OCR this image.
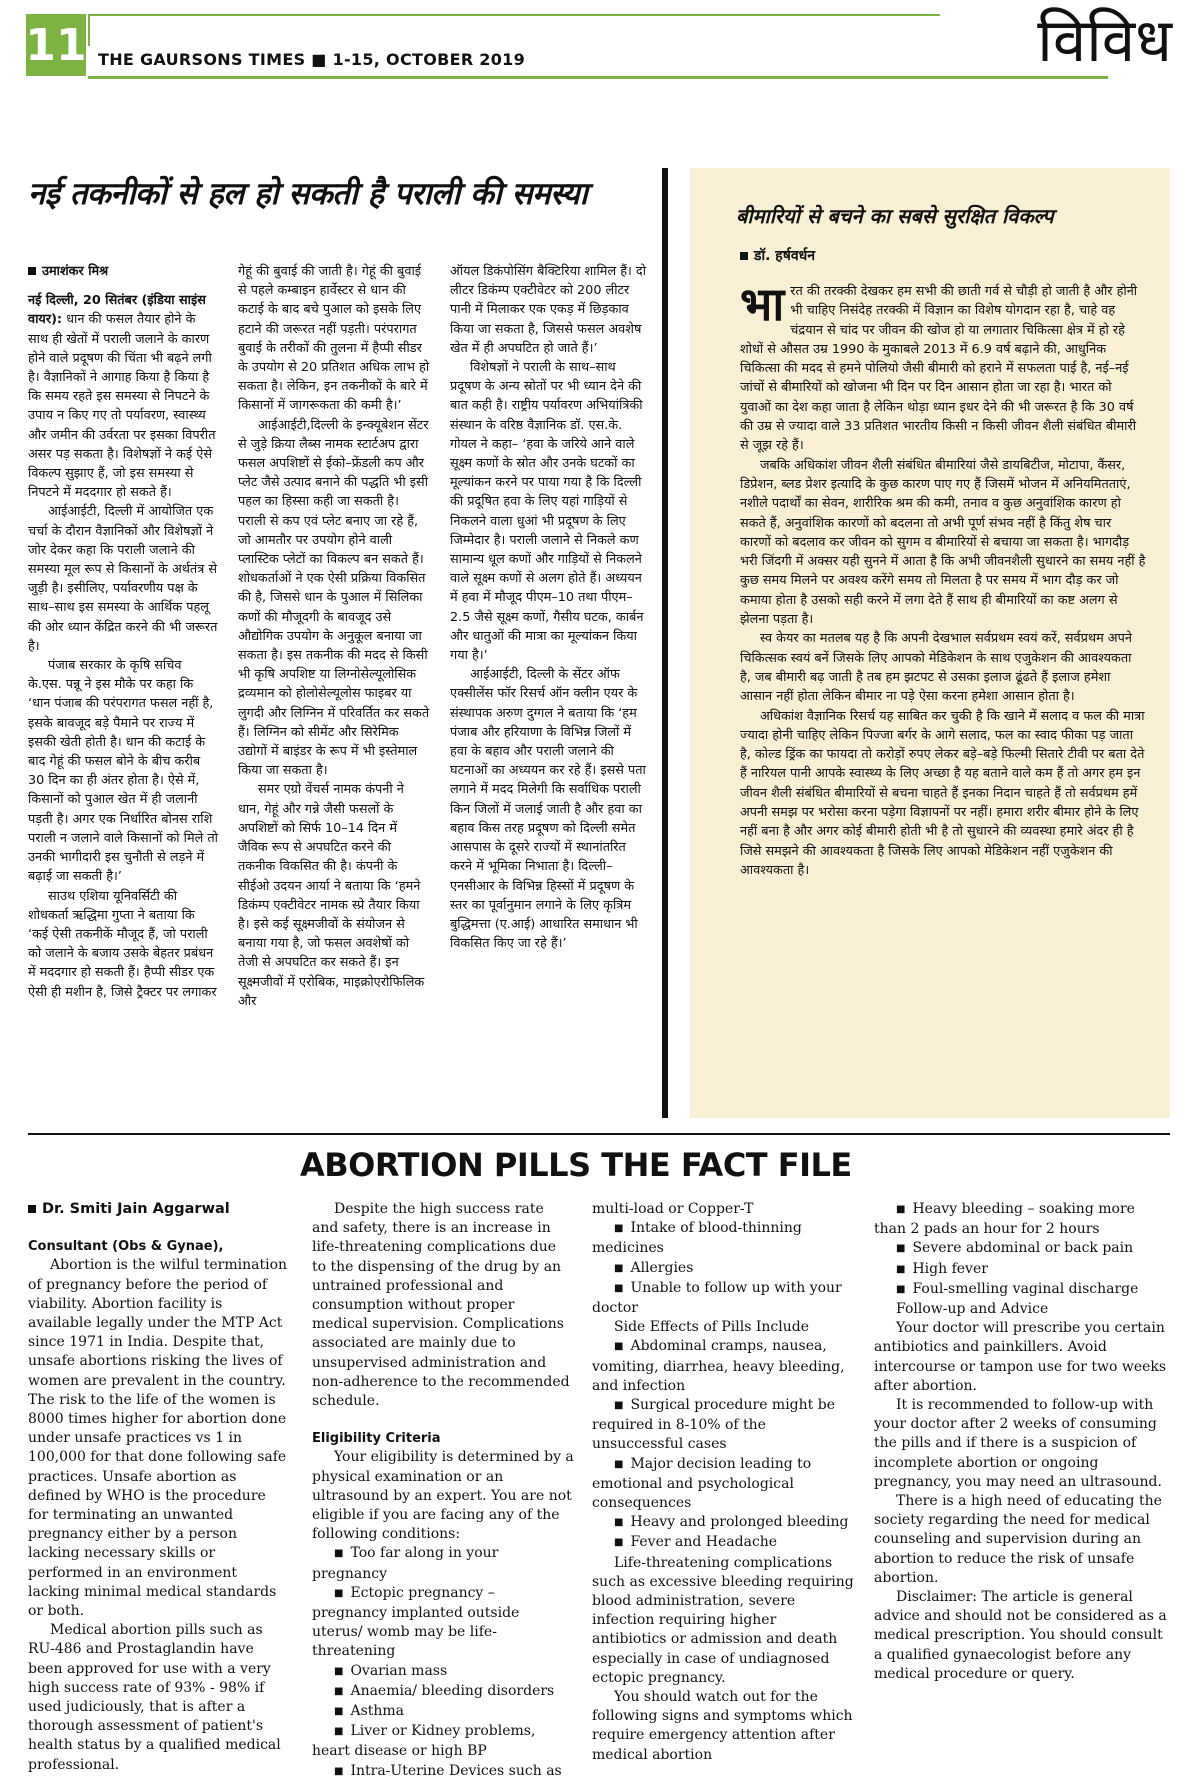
11 THE GAURSONS TIMES ■ 1-15, OCTOBER 2019	विविध
नई तकनीकों से हल हो सकती है पराली की समस्या

उमाशंकर मिश्र

नई दिल्ली, 20 सितंबर (इंडिया साइंस वायर): धान की फसल तैयार होने के साथ ही खेतों में पराली जलाने के कारण होने वाले प्रदूषण की चिंता भी बढ़ने लगी है। वैज्ञानिकों ने आगाह किया है किया है कि समय रहते इस समस्या से निपटने के उपाय न किए गए तो पर्यावरण, स्वास्थ्य और जमीन की उर्वरता पर इसका विपरीत असर पड़ सकता है। विशेषज्ञों ने कई ऐसे विकल्प सुझाए हैं, जो इस समस्या से निपटने में मददगार हो सकते हैं।

आईआईटी, दिल्ली में आयोजित एक चर्चा के दौरान वैज्ञानिकों और विशेषज्ञों ने जोर देकर कहा कि पराली जलाने की समस्या मूल रूप से किसानों के अर्थतंत्र से जुड़ी है। इसीलिए, पर्यावरणीय पक्ष के साथ–साथ इस समस्या के आर्थिक पहलू की ओर ध्यान केंद्रित करने की भी जरूरत है।

पंजाब सरकार के कृषि सचिव के.एस. पन्नू ने इस मौके पर कहा कि ‘धान पंजाब की परंपरागत फसल नहीं है, इसके बावजूद बड़े पैमाने पर राज्य में इसकी खेती होती है। धान की कटाई के बाद गेहूं की फसल बोने के बीच करीब 30 दिन का ही अंतर होता है। ऐसे में, किसानों को पुआल खेत में ही जलानी पड़ती है। अगर एक निर्धारित बोनस राशि पराली न जलाने वाले किसानों को मिले तो उनकी भागीदारी इस चुनौती से लड़ने में बढ़ाई जा सकती है।’

साउथ एशिया यूनिवर्सिटी की शोधकर्ता ऋद्धिमा गुप्ता ने बताया कि ‘कई ऐसी तकनीकें मौजूद हैं, जो पराली को जलाने के बजाय उसके बेहतर प्रबंधन में मददगार हो सकती हैं। हैप्पी सीडर एक ऐसी ही मशीन है, जिसे ट्रैक्टर पर लगाकर

गेहूं की बुवाई की जाती है। गेहूं की बुवाई से पहले कम्बाइन हार्वेस्टर से धान की कटाई के बाद बचे पुआल को इसके लिए हटाने की जरूरत नहीं पड़ती। परंपरागत बुवाई के तरीकों की तुलना में हैप्पी सीडर के उपयोग से 20 प्रतिशत अधिक लाभ हो सकता है। लेकिन, इन तकनीकों के बारे में किसानों में जागरूकता की कमी है।’

आईआईटी,दिल्ली के इन्क्यूबेशन सेंटर से जुड़े क्रिया लैब्स नामक स्टार्टअप द्वारा फसल अपशिष्टों से ईको–फ्रेंडली कप और प्लेट जैसे उत्पाद बनाने की पद्धति भी इसी पहल का हिस्सा कही जा सकती है। पराली से कप एवं प्लेट बनाए जा रहे हैं, जो आमतौर पर उपयोग होने वाली प्लास्टिक प्लेटों का विकल्प बन सकते हैं। शोधकर्ताओं ने एक ऐसी प्रक्रिया विकसित की है, जिससे धान के पुआल में सिलिका कणों की मौजूदगी के बावजूद उसे औद्योगिक उपयोग के अनुकूल बनाया जा सकता है। इस तकनीक की मदद से किसी भी कृषि अपशिष्ट या लिग्नोसेल्यूलोसिक द्रव्यमान को होलोसेल्यूलोस फाइबर या लुगदी और लिग्निन में परिवर्तित कर सकते हैं। लिग्निन को सीमेंट और सिरेमिक उद्योगों में बाइंडर के रूप में भी इस्तेमाल किया जा सकता है।

समर एग्रो वेंचर्स नामक कंपनी ने धान, गेहूं और गन्ने जैसी फसलों के अपशिष्टों को सिर्फ 10–14 दिन में जैविक रूप से अपघटित करने की तकनीक विकसित की है। कंपनी के सीईओ उदयन आर्या ने बताया कि ‘हमने डिकंम्प एक्टीवेटर नामक स्प्रे तैयार किया है। इसे कई सूक्ष्मजीवों के संयोजन से बनाया गया है, जो फसल अवशेषों को तेजी से अपघटित कर सकते हैं। इन सूक्ष्मजीवों में एरोबिक, माइक्रोएरोफिलिक और

ऑयल डिकंपोसिंग बैक्टिरिया शामिल हैं। दो लीटर डिकंम्प एक्टीवेटर को 200 लीटर पानी में मिलाकर एक एकड़ में छिड़काव किया जा सकता है, जिससे फसल अवशेष खेत में ही अपघटित हो जाते हैं।’

विशेषज्ञों ने पराली के साथ–साथ प्रदूषण के अन्य स्रोतों पर भी ध्यान देने की बात कही है। राष्ट्रीय पर्यावरण अभियांत्रिकी संस्थान के वरिष्ठ वैज्ञानिक डॉ. एस.के. गोयल ने कहा– ‘हवा के जरिये आने वाले सूक्ष्म कणों के स्रोत और उनके घटकों का मूल्यांकन करने पर पाया गया है कि दिल्ली की प्रदूषित हवा के लिए यहां गाड़ियों से निकलने वाला धुआं भी प्रदूषण के लिए जिम्मेदार है। पराली जलाने से निकले कण सामान्य धूल कणों और गाड़ियों से निकलने वाले सूक्ष्म कणों से अलग होते हैं। अध्ययन में हवा में मौजूद पीएम–10 तथा पीएम–2.5 जैसे सूक्ष्म कणों, गैसीय घटक, कार्बन और धातुओं की मात्रा का मूल्यांकन किया गया है।’

आईआईटी, दिल्ली के सेंटर ऑफ एक्सीलेंस फॉर रिसर्च ऑन क्लीन एयर के संस्थापक अरुण दुग्गल ने बताया कि ‘हम पंजाब और हरियाणा के विभिन्न जिलों में हवा के बहाव और पराली जलाने की घटनाओं का अध्ययन कर रहे हैं। इससे पता लगाने में मदद मिलेगी कि सर्वाधिक पराली किन जिलों में जलाई जाती है और हवा का बहाव किस तरह प्रदूषण को दिल्ली समेत आसपास के दूसरे राज्यों में स्थानांतरित करने में भूमिका निभाता है। दिल्ली–एनसीआर के विभिन्न हिस्सों में प्रदूषण के स्तर का पूर्वानुमान लगाने के लिए कृत्रिम बुद्धिमत्ता (ए.आई) आधारित समाधान भी विकसित किए जा रहे हैं।’

बीमारियों से बचने का सबसे सुरक्षित विकल्प
डॉ. हर्षवर्धन

भारत की तरक्की देखकर हम सभी की छाती गर्व से चौड़ी हो जाती है और होनी भी चाहिए निसंदेह तरक्की में विज्ञान का विशेष योगदान रहा है, चाहे वह चंद्रयान से चांद पर जीवन की खोज हो या लगातार चिकित्सा क्षेत्र में हो रहे शोधों से औसत उम्र 1990 के मुकाबले 2013 में 6.9 वर्ष बढ़ाने की, आधुनिक चिकित्सा की मदद से हमने पोलियो जैसी बीमारी को हराने में सफलता पाई है, नई–नई जांचों से बीमारियों को खोजना भी दिन पर दिन आसान होता जा रहा है। भारत को युवाओं का देश कहा जाता है लेकिन थोड़ा ध्यान इधर देने की भी जरूरत है कि 30 वर्ष की उम्र से ज्यादा वाले 33 प्रतिशत भारतीय किसी न किसी जीवन शैली संबंधित बीमारी से जूझ रहे हैं।

जबकि अधिकांश जीवन शैली संबंधित बीमारियां जैसे डायबिटीज, मोटापा, कैंसर, डिप्रेशन, ब्लड प्रेशर इत्यादि के कुछ कारण पाए गए हैं जिसमें भोजन में अनियमितताएं, नशीले पदार्थों का सेवन, शारीरिक श्रम की कमी, तनाव व कुछ अनुवांशिक कारण हो सकते हैं, अनुवांशिक कारणों को बदलना तो अभी पूर्ण संभव नहीं है किंतु शेष चार कारणों को बदलाव कर जीवन को सुगम व बीमारियों से बचाया जा सकता है। भागदौड़ भरी जिंदगी में अक्सर यही सुनने में आता है कि अभी जीवनशैली सुधारने का समय नहीं है कुछ समय मिलने पर अवश्य करेंगे समय तो मिलता है पर समय में भाग दौड़ कर जो कमाया होता है उसको सही करने में लगा देते हैं साथ ही बीमारियों का कष्ट अलग से झेलना पड़ता है।

स्व केयर का मतलब यह है कि अपनी देखभाल सर्वप्रथम स्वयं करें, सर्वप्रथम अपने चिकित्सक स्वयं बनें जिसके लिए आपको मेडिकेशन के साथ एजुकेशन की आवश्यकता है, जब बीमारी बढ़ जाती है तब हम झटपट से उसका इलाज ढूंढते हैं इलाज हमेशा आसान नहीं होता लेकिन बीमार ना पड़े ऐसा करना हमेशा आसान होता है।

अधिकांश वैज्ञानिक रिसर्च यह साबित कर चुकी है कि खाने में सलाद व फल की मात्रा ज्यादा होनी चाहिए लेकिन पिज्जा बर्गर के आगे सलाद, फल का स्वाद फीका पड़ जाता है, कोल्ड ड्रिंक का फायदा तो करोड़ों रुपए लेकर बड़े–बड़े फिल्मी सितारे टीवी पर बता देते हैं नारियल पानी आपके स्वास्थ्य के लिए अच्छा है यह बताने वाले कम हैं तो अगर हम इन जीवन शैली संबंधित बीमारियों से बचना चाहते हैं इनका निदान चाहते हैं तो सर्वप्रथम हमें अपनी समझ पर भरोसा करना पड़ेगा विज्ञापनों पर नहीं। हमारा शरीर बीमार होने के लिए नहीं बना है और अगर कोई बीमारी होती भी है तो सुधारने की व्यवस्था हमारे अंदर ही है जिसे समझने की आवश्यकता है जिसके लिए आपको मेडिकेशन नहीं एजुकेशन की आवश्यकता है।

ABORTION PILLS THE FACT FILE

Dr. Smiti Jain Aggarwal

Consultant (Obs & Gynae),

Abortion is the wilful termination of pregnancy before the period of viability. Abortion facility is available legally under the MTP Act since 1971 in India. Despite that, unsafe abortions risking the lives of women are prevalent in the country. The risk to the life of the women is 8000 times higher for abortion done under unsafe practices vs 1 in 100,000 for that done following safe practices. Unsafe abortion as defined by WHO is the procedure for terminating an unwanted pregnancy either by a person lacking necessary skills or performed in an environment lacking minimal medical standards or both.

Medical abortion pills such as RU-486 and Prostaglandin have been approved for use with a very high success rate of 93% - 98% if used judiciously, that is after a thorough assessment of patient's health status by a qualified medical professional.

Despite the high success rate and safety, there is an increase in life-threatening complications due to the dispensing of the drug by an untrained professional and consumption without proper medical supervision. Complications associated are mainly due to unsupervised administration and non-adherence to the recommended schedule.

Eligibility Criteria

Your eligibility is determined by a physical examination or an ultrasound by an expert. You are not eligible if you are facing any of the following conditions:

■ Too far along in your pregnancy

■ Ectopic pregnancy – pregnancy implanted outside uterus/ womb may be life-threatening

■ Ovarian mass

■ Anaemia/ bleeding disorders

■ Asthma

■ Liver or Kidney problems, heart disease or high BP

■ Intra-Uterine Devices such as

multi-load or Copper-T

■ Intake of blood-thinning medicines

■ Allergies

■ Unable to follow up with your doctor

Side Effects of Pills Include

■ Abdominal cramps, nausea, vomiting, diarrhea, heavy bleeding, and infection

■ Surgical procedure might be required in 8-10% of the unsuccessful cases

■ Major decision leading to emotional and psychological consequences

■ Heavy and prolonged bleeding

■ Fever and Headache

Life-threatening complications such as excessive bleeding requiring blood administration, severe infection requiring higher antibiotics or admission and death especially in case of undiagnosed ectopic pregnancy.

You should watch out for the following signs and symptoms which require emergency attention after medical abortion

■ Heavy bleeding – soaking more than 2 pads an hour for 2 hours

■ Severe abdominal or back pain

■ High fever

■ Foul-smelling vaginal discharge

Follow-up and Advice

Your doctor will prescribe you certain antibiotics and painkillers. Avoid intercourse or tampon use for two weeks after abortion.

It is recommended to follow-up with your doctor after 2 weeks of consuming the pills and if there is a suspicion of incomplete abortion or ongoing pregnancy, you may need an ultrasound.

There is a high need of educating the society regarding the need for medical counseling and supervision during an abortion to reduce the risk of unsafe abortion.

Disclaimer: The article is general advice and should not be considered as a medical prescription. You should consult a qualified gynaecologist before any medical procedure or query.
